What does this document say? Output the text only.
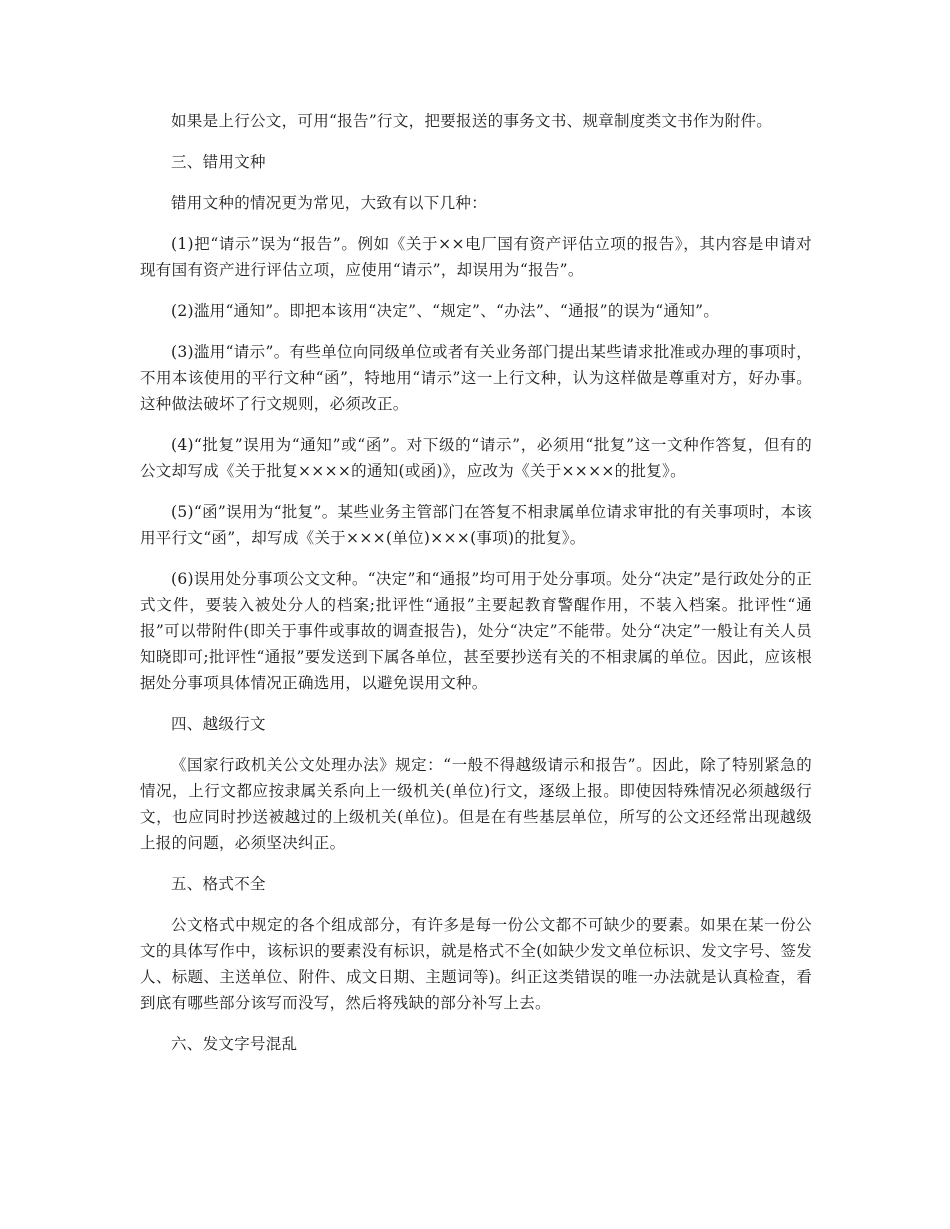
如果是上行公文，可用“报告”行文，把要报送的事务文书、规章制度类文书作为附件。

三、错用文种

错用文种的情况更为常见，大致有以下几种：

(1)把“请示”误为“报告”。例如《关于××电厂国有资产评估立项的报告》，其内容是申请对现有国有资产进行评估立项，应使用“请示”，却误用为“报告”。

(2)滥用“通知”。即把本该用“决定”、“规定”、“办法”、“通报”的误为“通知”。

(3)滥用“请示”。有些单位向同级单位或者有关业务部门提出某些请求批准或办理的事项时，不用本该使用的平行文种“函”，特地用“请示”这一上行文种，认为这样做是尊重对方，好办事。这种做法破坏了行文规则，必须改正。

(4)“批复”误用为“通知”或“函”。对下级的“请示”，必须用“批复”这一文种作答复，但有的公文却写成《关于批复××××的通知(或函)》，应改为《关于××××的批复》。

(5)“函”误用为“批复”。某些业务主管部门在答复不相隶属单位请求审批的有关事项时，本该用平行文“函”，却写成《关于×××(单位)×××(事项)的批复》。

(6)误用处分事项公文文种。“决定”和“通报”均可用于处分事项。处分“决定”是行政处分的正式文件，要装入被处分人的档案;批评性“通报”主要起教育警醒作用，不装入档案。批评性“通报”可以带附件(即关于事件或事故的调查报告)，处分“决定”不能带。处分“决定”一般让有关人员知晓即可;批评性“通报”要发送到下属各单位，甚至要抄送有关的不相隶属的单位。因此，应该根据处分事项具体情况正确选用，以避免误用文种。

四、越级行文

《国家行政机关公文处理办法》规定：“一般不得越级请示和报告”。因此，除了特别紧急的情况，上行文都应按隶属关系向上一级机关(单位)行文，逐级上报。即使因特殊情况必须越级行文，也应同时抄送被越过的上级机关(单位)。但是在有些基层单位，所写的公文还经常出现越级上报的问题，必须坚决纠正。

五、格式不全

公文格式中规定的各个组成部分，有许多是每一份公文都不可缺少的要素。如果在某一份公文的具体写作中，该标识的要素没有标识，就是格式不全(如缺少发文单位标识、发文字号、签发人、标题、主送单位、附件、成文日期、主题词等)。纠正这类错误的唯一办法就是认真检查，看到底有哪些部分该写而没写，然后将残缺的部分补写上去。

六、发文字号混乱
